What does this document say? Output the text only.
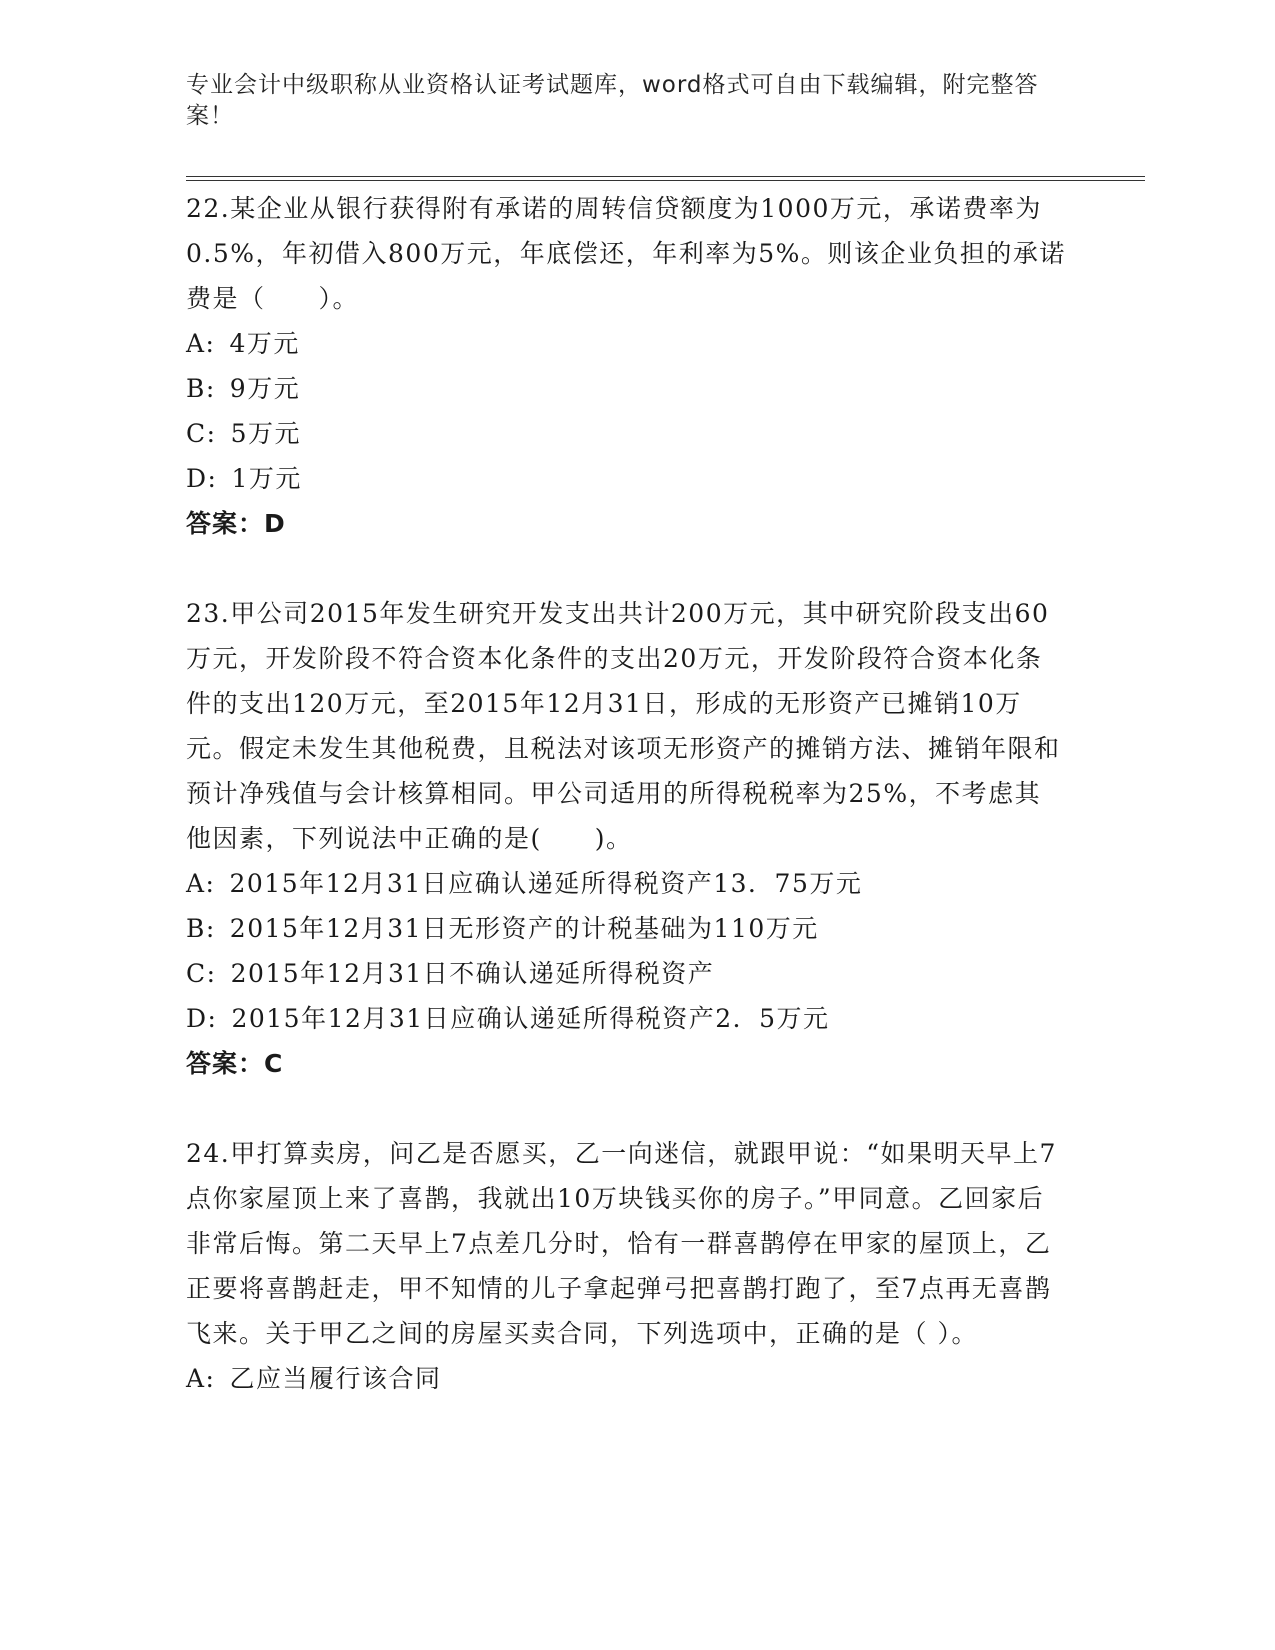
专业会计中级职称从业资格认证考试题库，word格式可自由下载编辑，附完整答案！

22.某企业从银行获得附有承诺的周转信贷额度为1000万元，承诺费率为0.5%，年初借入800万元，年底偿还，年利率为5%。则该企业负担的承诺费是（　　）。

A: 4万元

B: 9万元

C: 5万元

D: 1万元

答案：D

23.甲公司2015年发生研究开发支出共计200万元，其中研究阶段支出60万元，开发阶段不符合资本化条件的支出20万元，开发阶段符合资本化条件的支出120万元，至2015年12月31日，形成的无形资产已摊销10万元。假定未发生其他税费，且税法对该项无形资产的摊销方法、摊销年限和预计净残值与会计核算相同。甲公司适用的所得税税率为25%，不考虑其他因素，下列说法中正确的是(　　)。

A: 2015年12月31日应确认递延所得税资产13．75万元

B: 2015年12月31日无形资产的计税基础为110万元

C: 2015年12月31日不确认递延所得税资产

D: 2015年12月31日应确认递延所得税资产2．5万元

答案：C

24.甲打算卖房，问乙是否愿买，乙一向迷信，就跟甲说：“如果明天早上7点你家屋顶上来了喜鹊，我就出10万块钱买你的房子。”甲同意。乙回家后非常后悔。第二天早上7点差几分时，恰有一群喜鹊停在甲家的屋顶上，乙正要将喜鹊赶走，甲不知情的儿子拿起弹弓把喜鹊打跑了，至7点再无喜鹊飞来。关于甲乙之间的房屋买卖合同，下列选项中，正确的是（ ）。

A: 乙应当履行该合同
